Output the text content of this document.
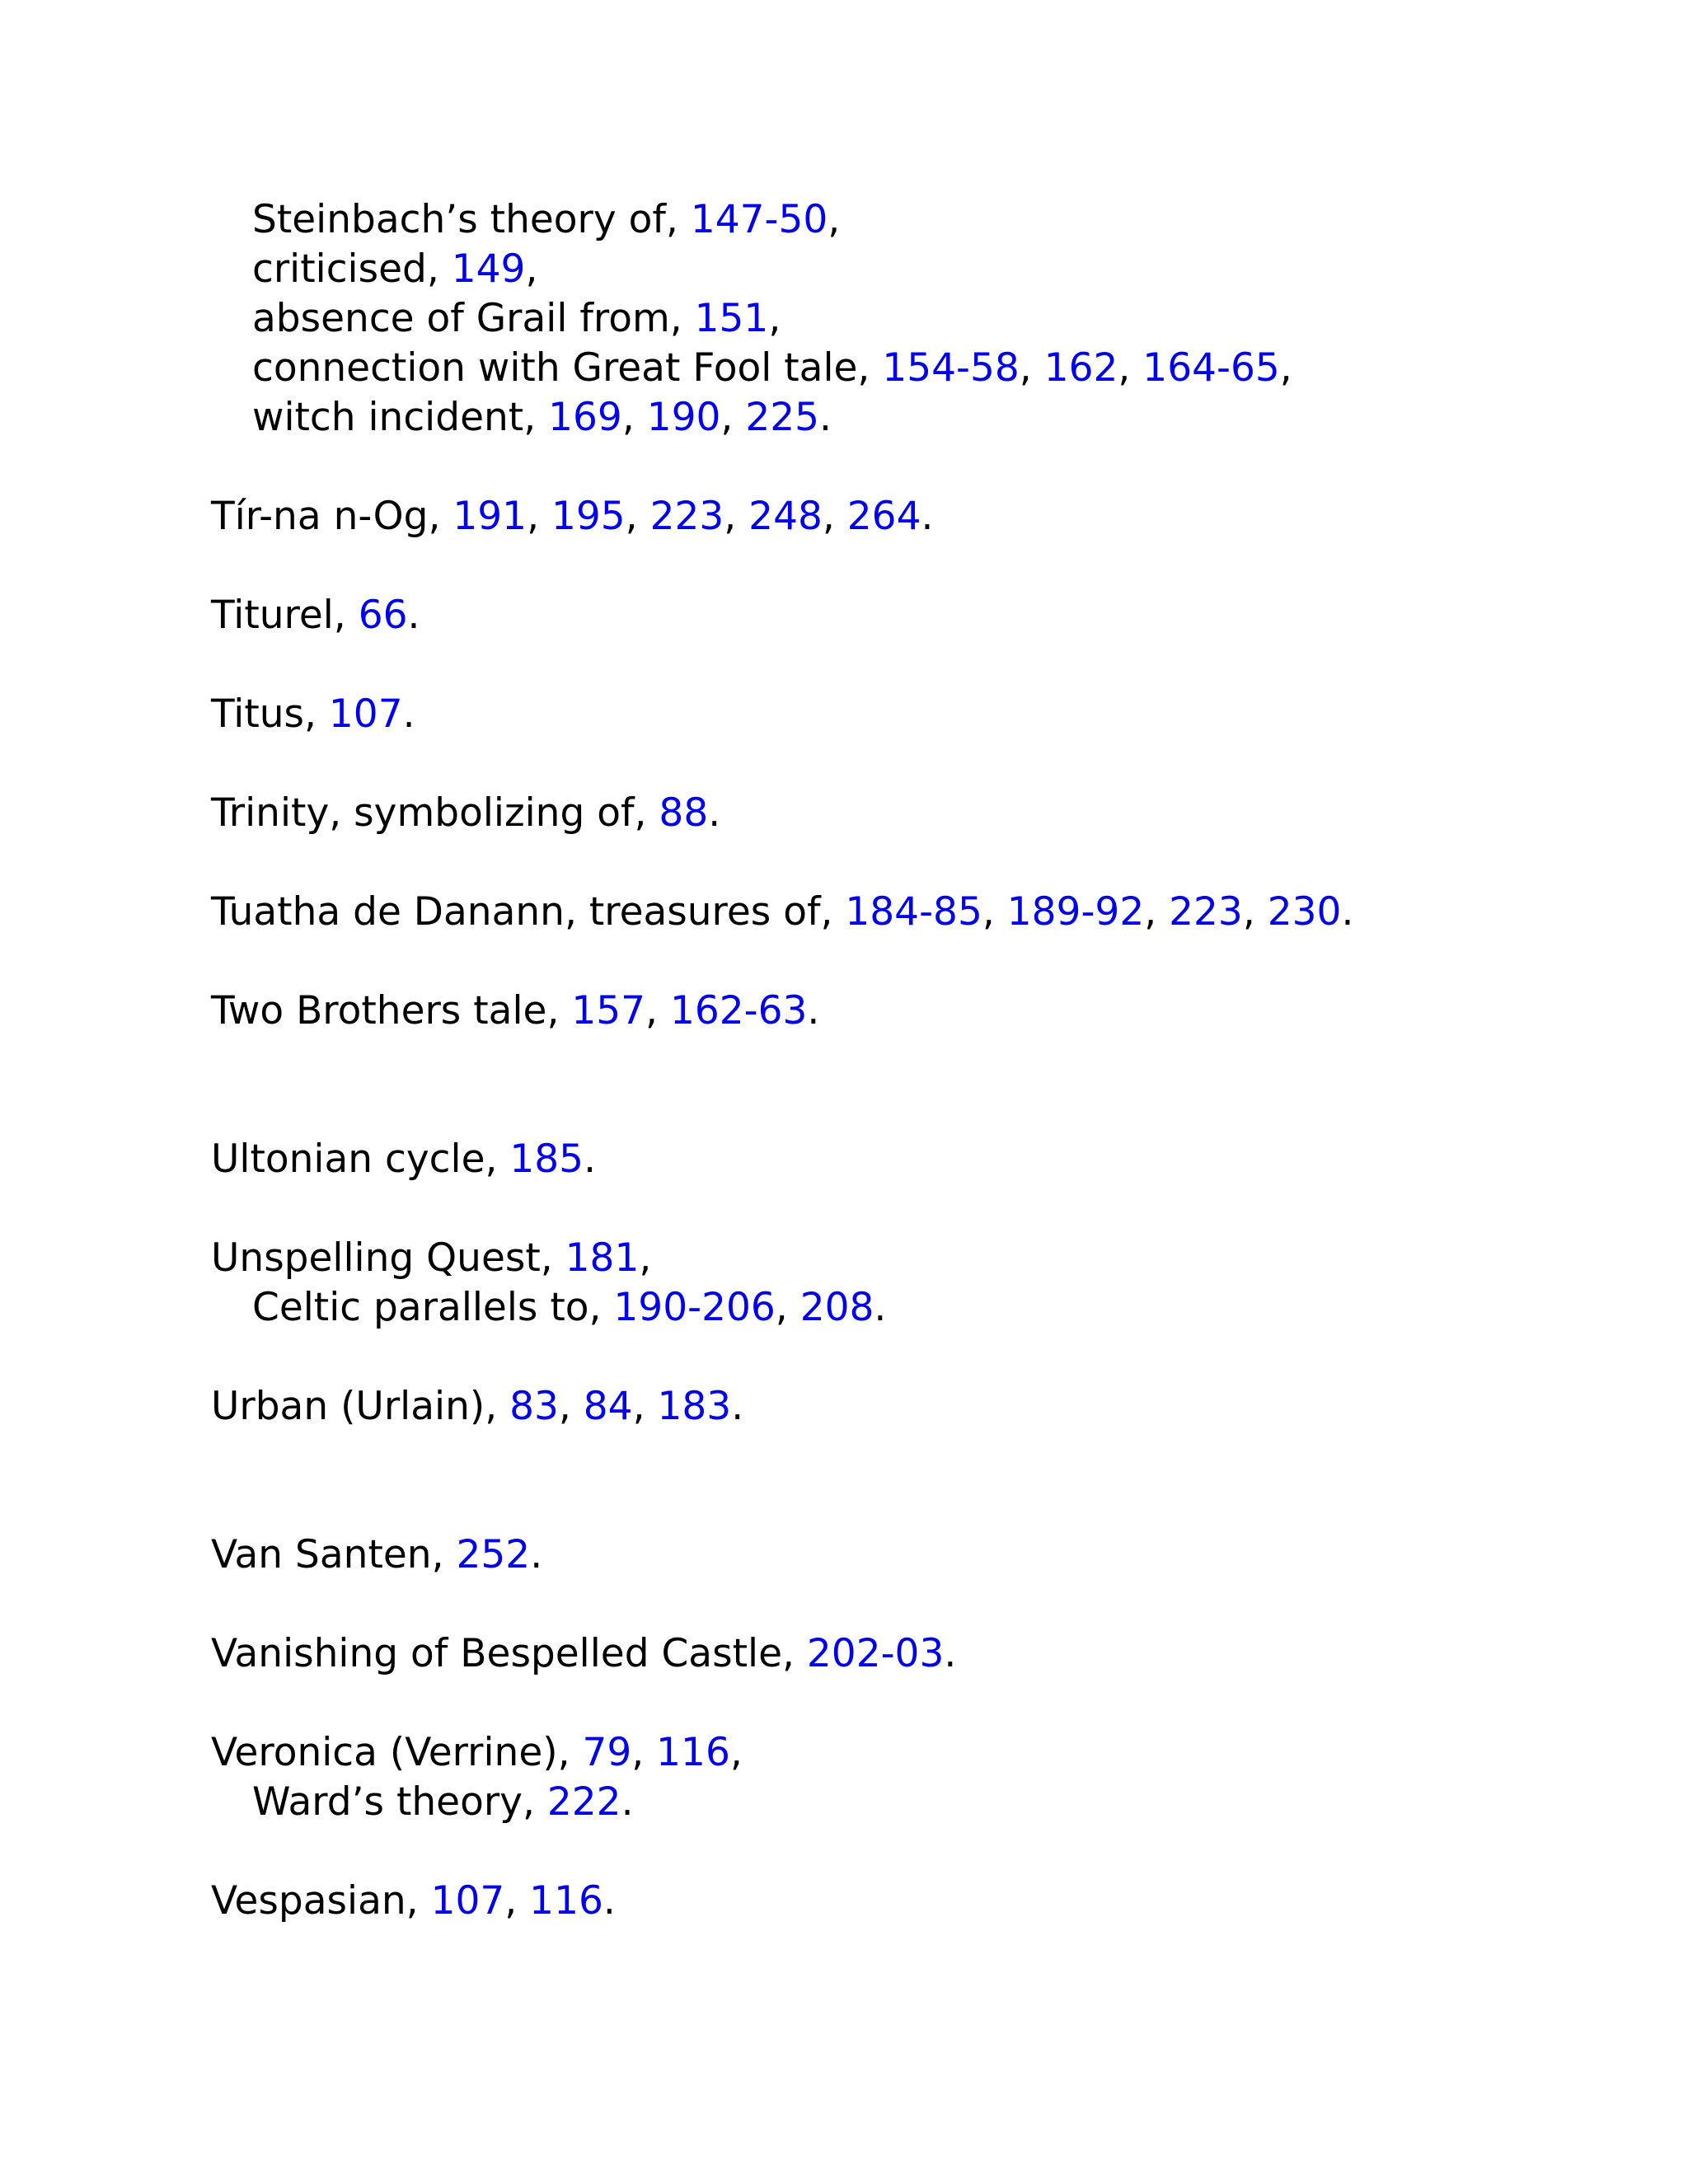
Steinbach’s theory of, 147-50,
criticised, 149,
absence of Grail from, 151,
connection with Great Fool tale, 154-58, 162, 164-65,
witch incident, 169, 190, 225.
Tír-na n-Og, 191, 195, 223, 248, 264.
Titurel, 66.
Titus, 107.
Trinity, symbolizing of, 88.
Tuatha de Danann, treasures of, 184-85, 189-92, 223, 230.
Two Brothers tale, 157, 162-63.
Ultonian cycle, 185.
Unspelling Quest, 181,
Celtic parallels to, 190-206, 208.
Urban (Urlain), 83, 84, 183.
Van Santen, 252.
Vanishing of Bespelled Castle, 202-03.
Veronica (Verrine), 79, 116,
Ward’s theory, 222.
Vespasian, 107, 116.
